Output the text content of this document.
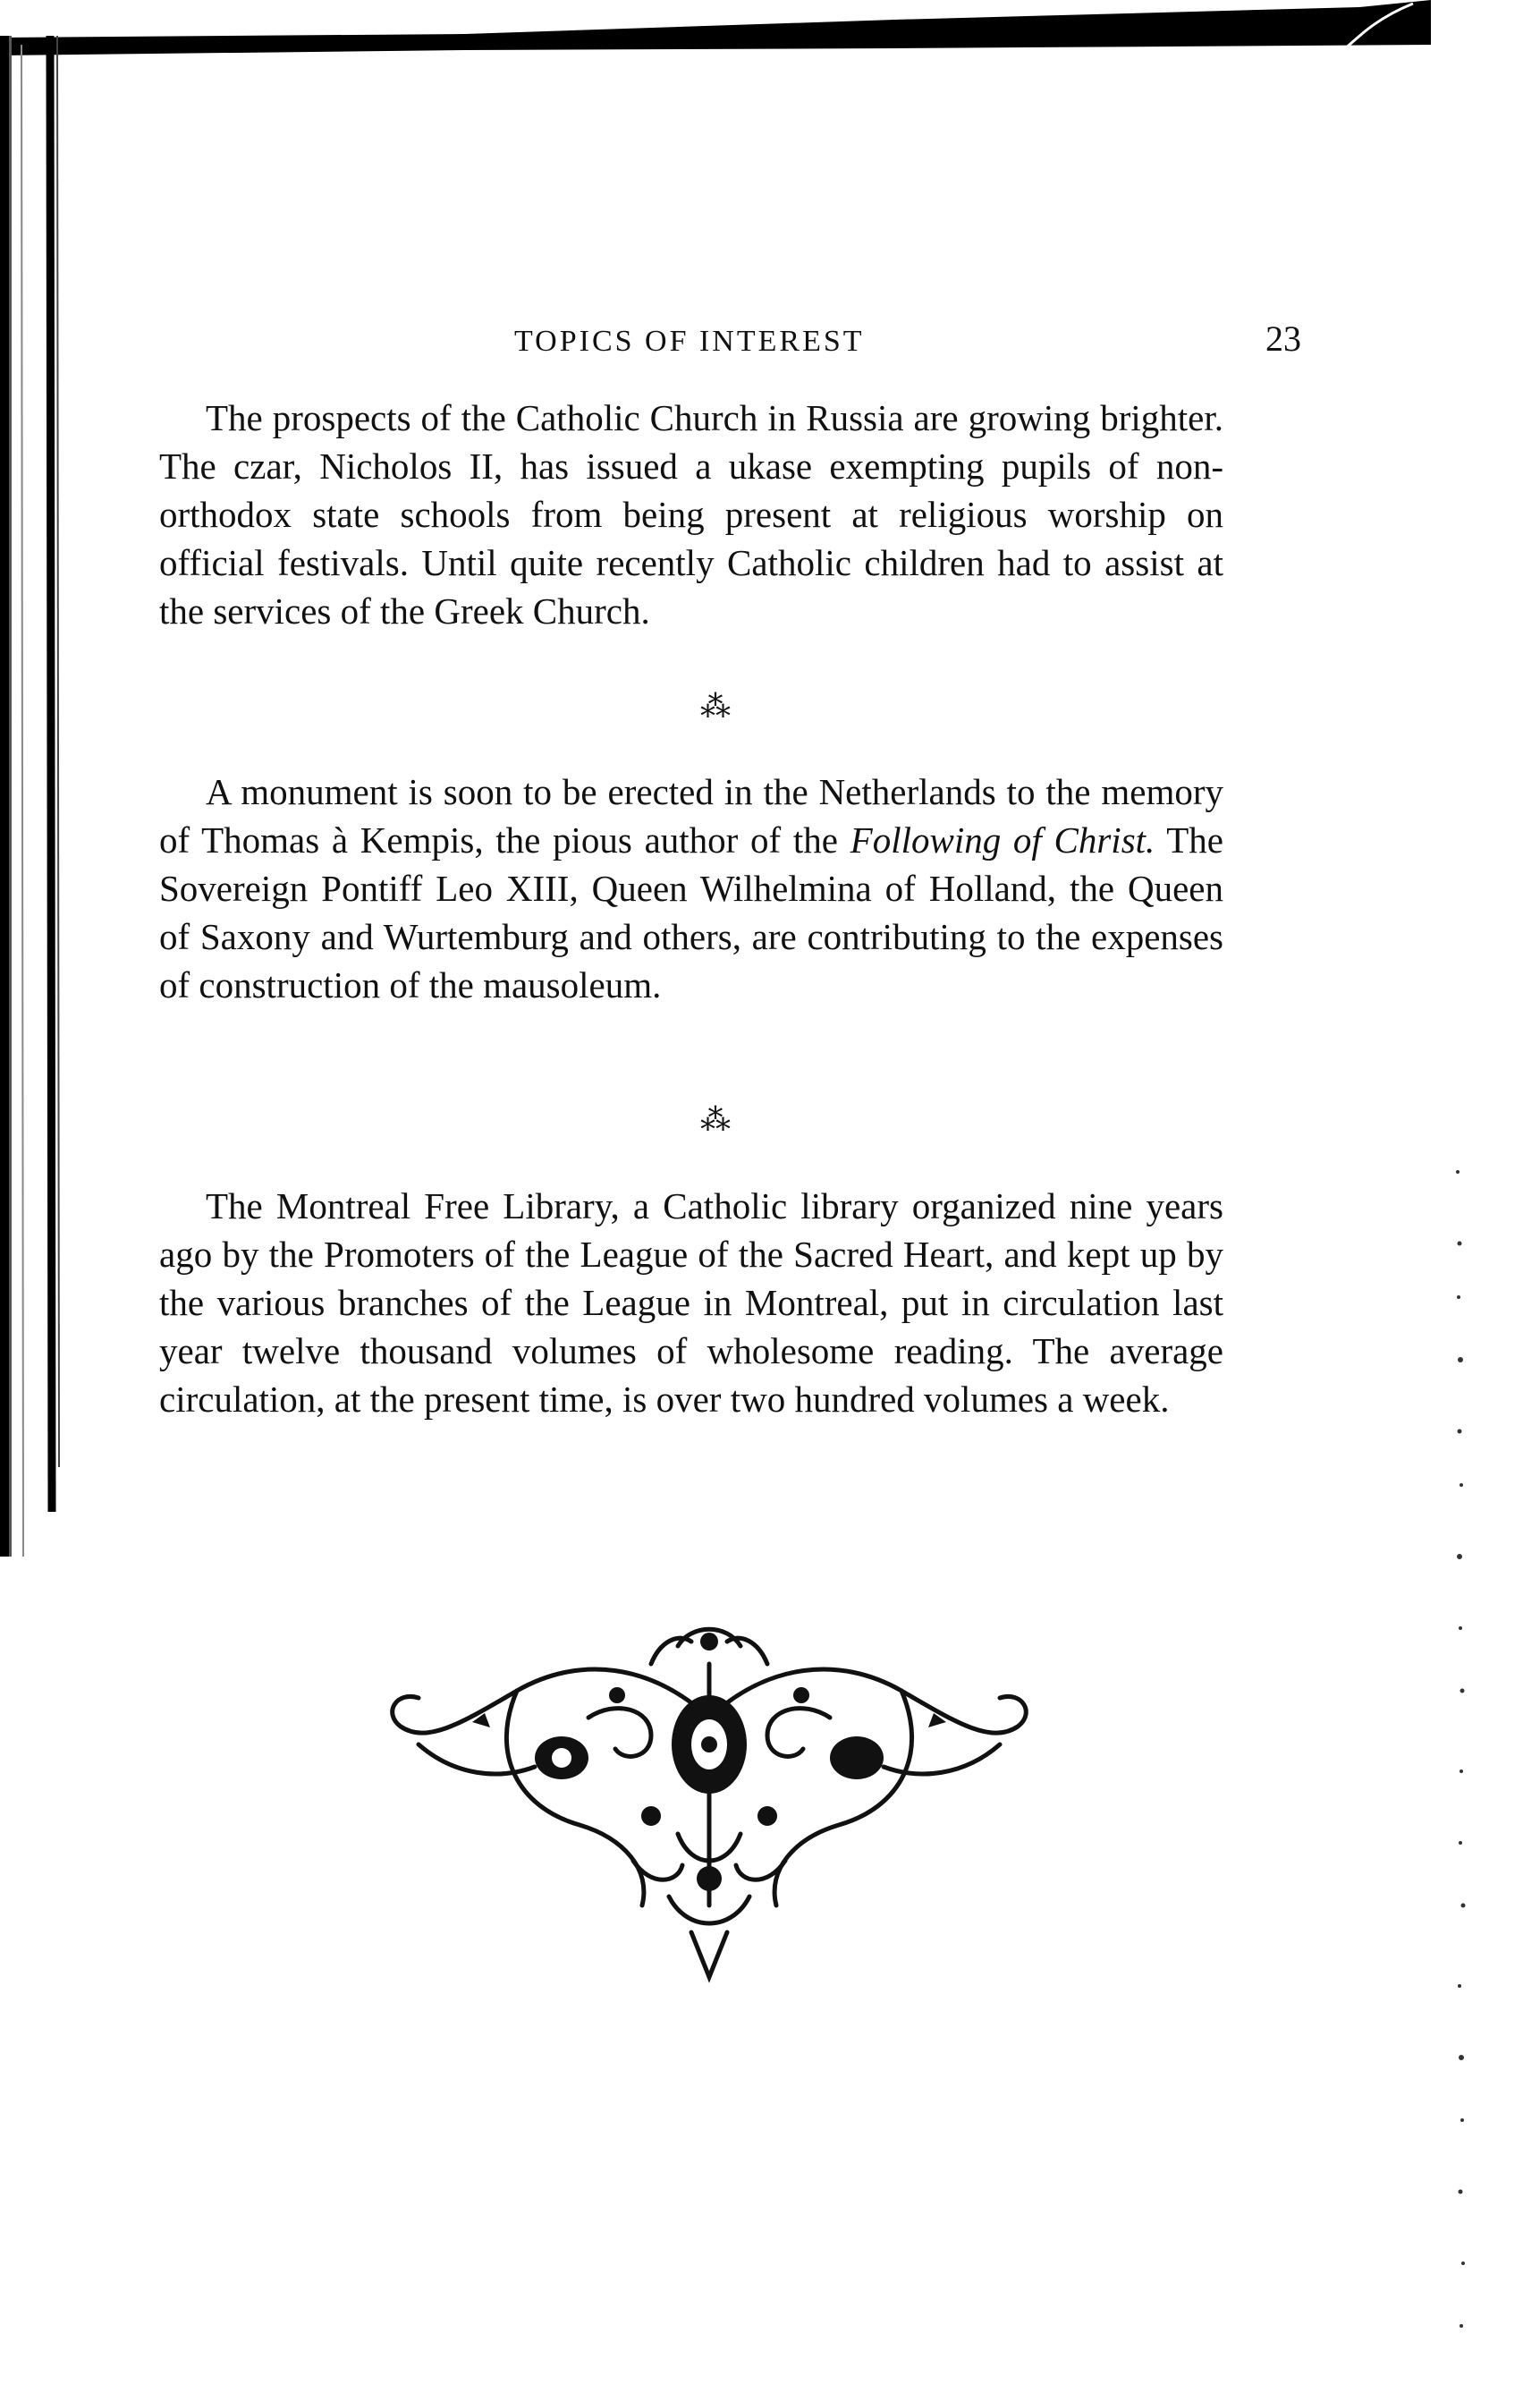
TOPICS OF INTEREST	23

The prospects of the Catholic Church in Russia are growing brighter. The czar, Nicholos II, has issued a ukase exempting pupils of non-orthodox state schools from being present at religious worship on official festivals. Until quite recently Catholic children had to assist at the services of the Greek Church.

⁂

A monument is soon to be erected in the Netherlands to the memory of Thomas à Kempis, the pious author of the Following of Christ. The Sovereign Pontiff Leo XIII, Queen Wilhelmina of Holland, the Queen of Saxony and Wurtemburg and others, are contributing to the expenses of construction of the mausoleum.

⁂

The Montreal Free Library, a Catholic library organized nine years ago by the Promoters of the League of the Sacred Heart, and kept up by the various branches of the League in Montreal, put in circulation last year twelve thousand volumes of wholesome reading. The average circulation, at the present time, is over two hundred volumes a week.
